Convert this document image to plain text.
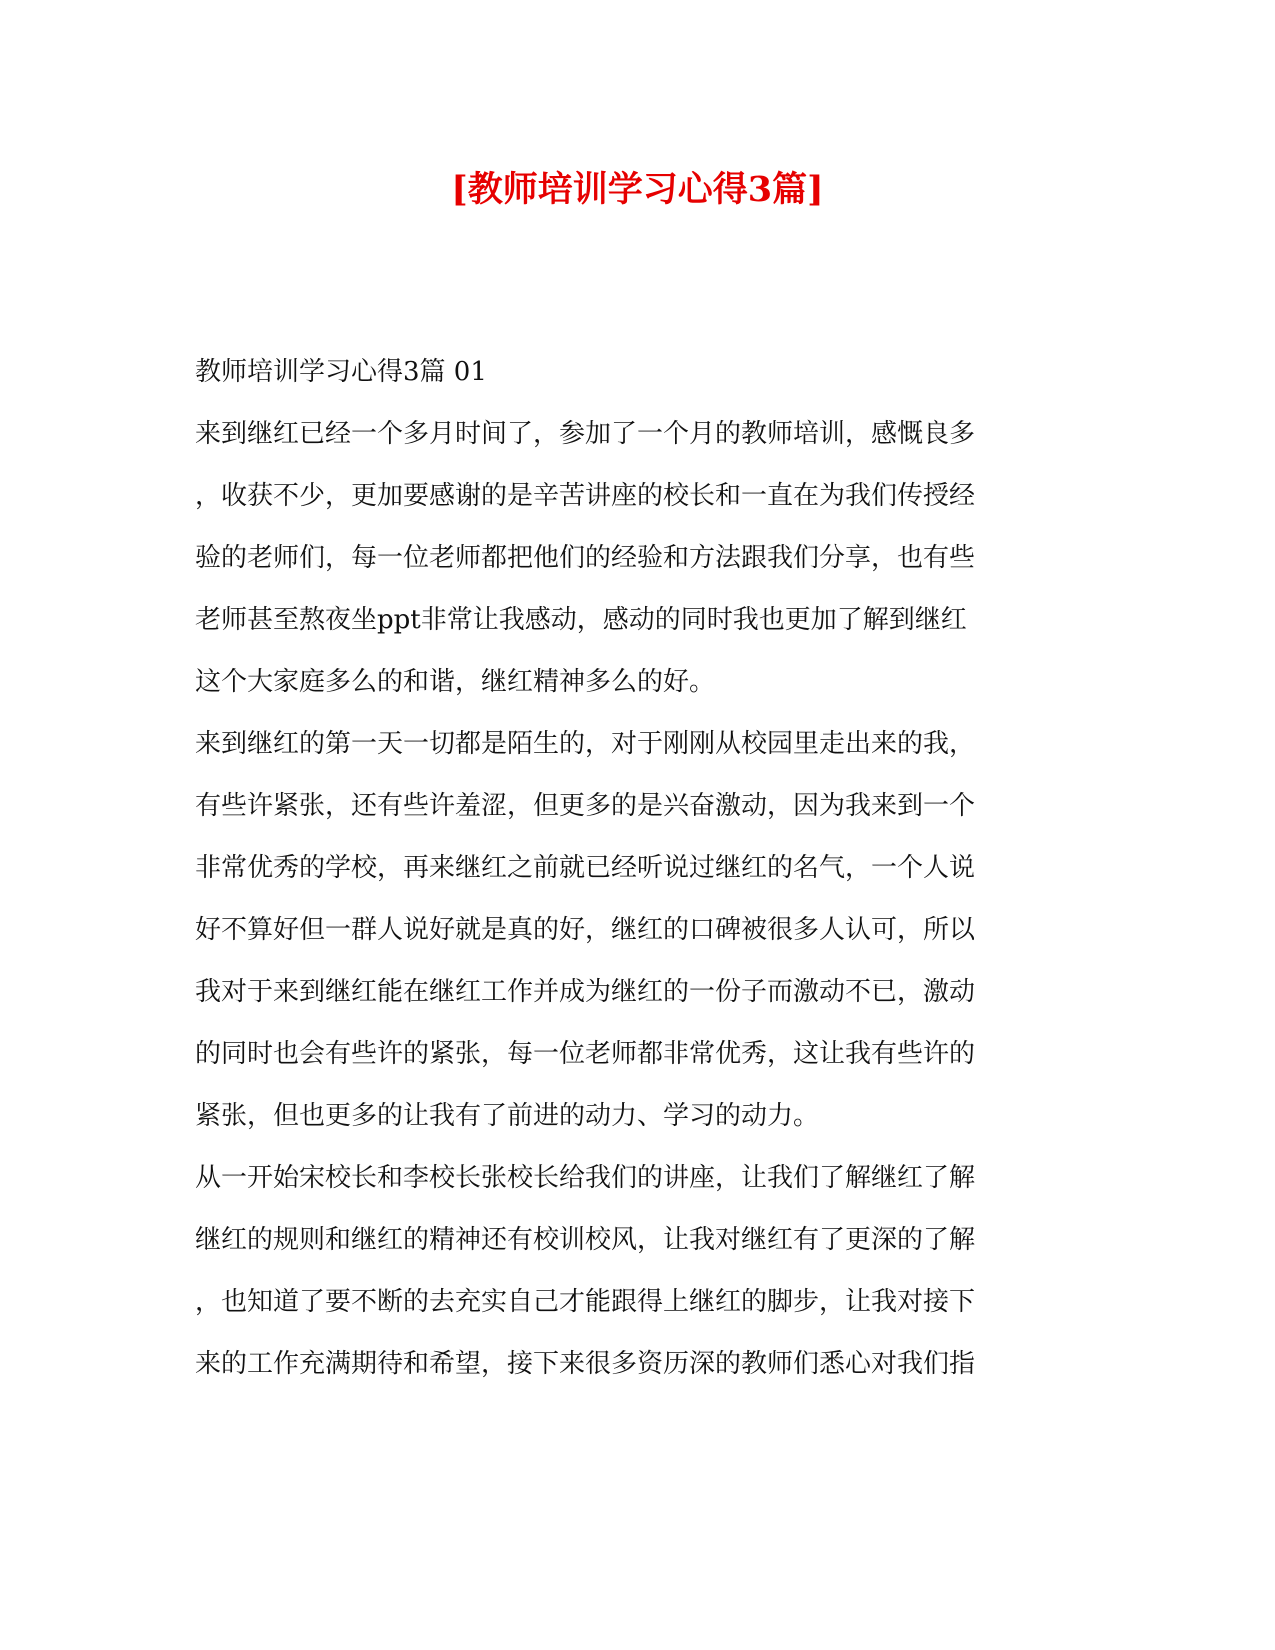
[教师培训学习心得3篇]
教师培训学习心得3篇 01
来到继红已经一个多月时间了，参加了一个月的教师培训，感慨良多
，收获不少，更加要感谢的是辛苦讲座的校长和一直在为我们传授经
验的老师们，每一位老师都把他们的经验和方法跟我们分享，也有些
老师甚至熬夜坐ppt非常让我感动，感动的同时我也更加了解到继红
这个大家庭多么的和谐，继红精神多么的好。
来到继红的第一天一切都是陌生的，对于刚刚从校园里走出来的我，
有些许紧张，还有些许羞涩，但更多的是兴奋激动，因为我来到一个
非常优秀的学校，再来继红之前就已经听说过继红的名气，一个人说
好不算好但一群人说好就是真的好，继红的口碑被很多人认可，所以
我对于来到继红能在继红工作并成为继红的一份子而激动不已，激动
的同时也会有些许的紧张，每一位老师都非常优秀，这让我有些许的
紧张，但也更多的让我有了前进的动力、学习的动力。
从一开始宋校长和李校长张校长给我们的讲座，让我们了解继红了解
继红的规则和继红的精神还有校训校风，让我对继红有了更深的了解
，也知道了要不断的去充实自己才能跟得上继红的脚步，让我对接下
来的工作充满期待和希望，接下来很多资历深的教师们悉心对我们指
